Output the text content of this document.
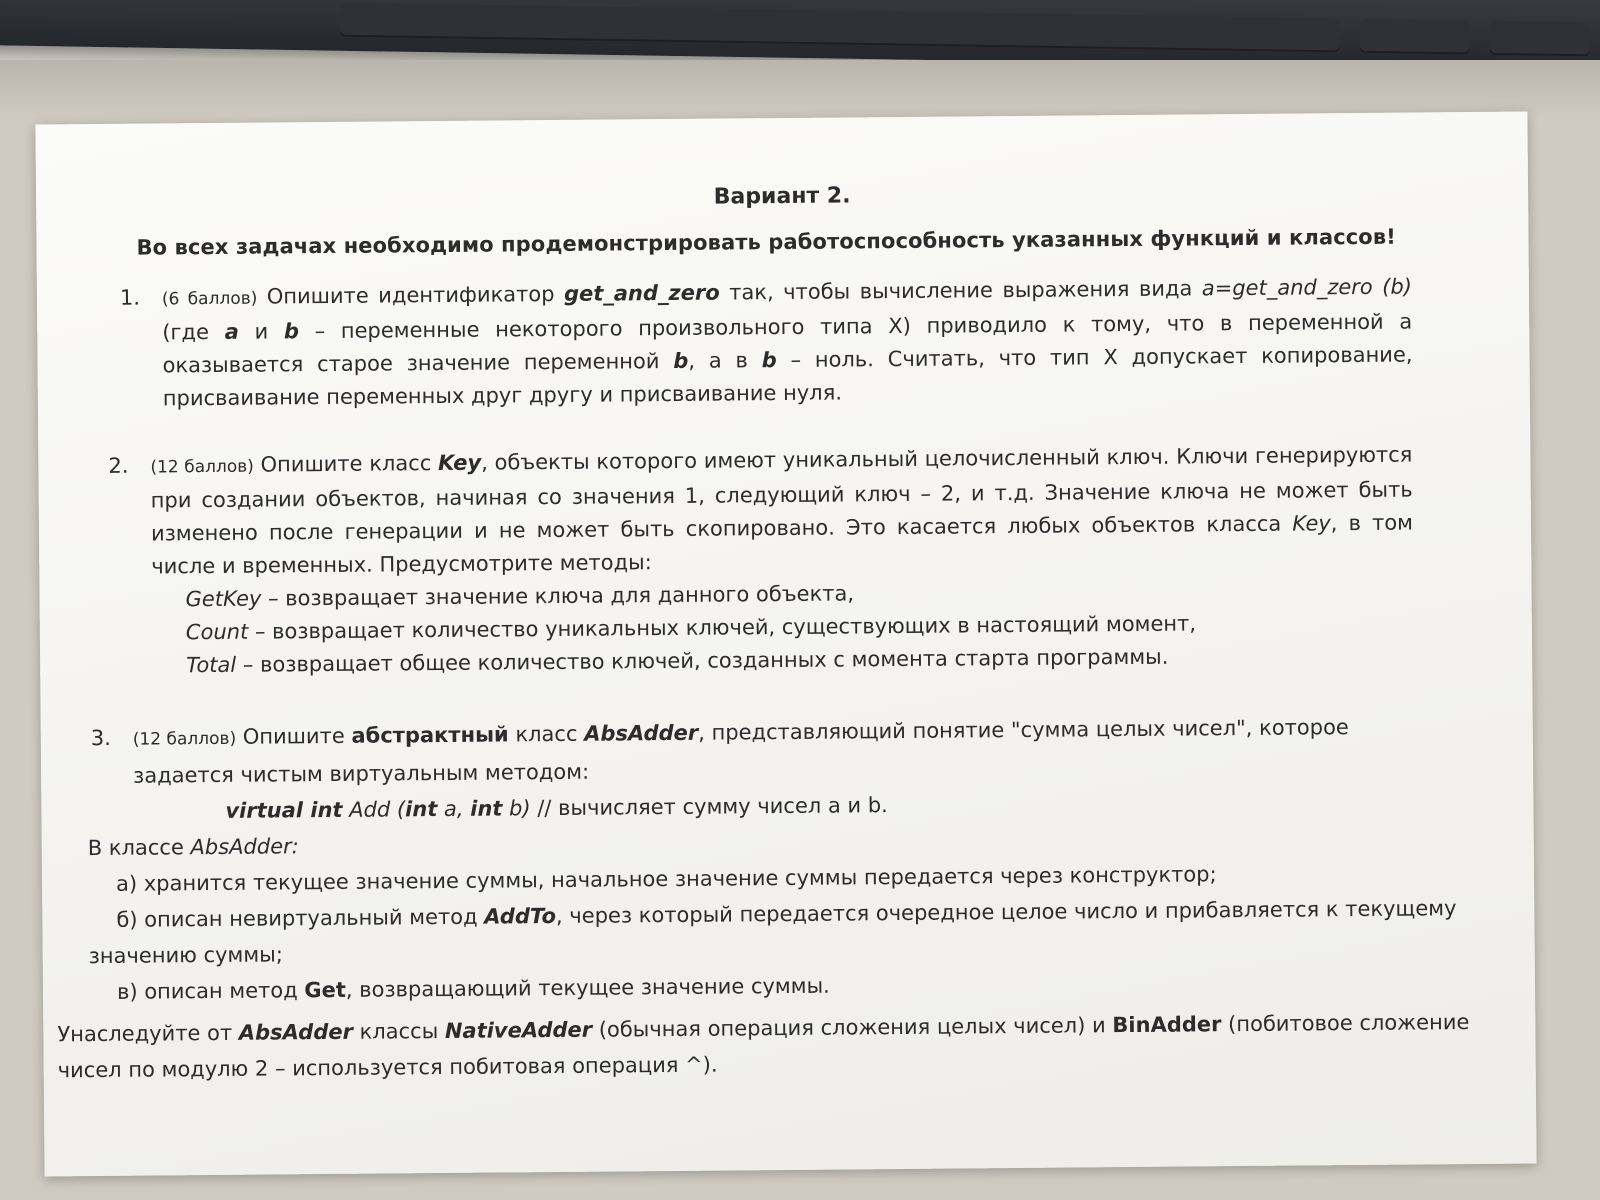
Вариант 2.
Во всех задачах необходимо продемонстрировать работоспособность указанных функций и классов!
1. (6 баллов) Опишите идентификатор get_and_zero так, чтобы вычисление выражения вида a=get_and_zero (b) (где a и b – переменные некоторого произвольного типа X) приводило к тому, что в переменной a оказывается старое значение переменной b, а в b – ноль. Считать, что тип X допускает копирование, присваивание переменных друг другу и присваивание нуля.
2. (12 баллов) Опишите класс Key, объекты которого имеют уникальный целочисленный ключ. Ключи генерируются при создании объектов, начиная со значения 1, следующий ключ – 2, и т.д. Значение ключа не может быть изменено после генерации и не может быть скопировано. Это касается любых объектов класса Key, в том числе и временных. Предусмотрите методы:
GetKey – возвращает значение ключа для данного объекта,
Count – возвращает количество уникальных ключей, существующих в настоящий момент,
Total – возвращает общее количество ключей, созданных с момента старта программы.
3. (12 баллов) Опишите абстрактный класс AbsAdder, представляющий понятие "сумма целых чисел", которое задается чистым виртуальным методом:
virtual int Add (int a, int b) // вычисляет сумму чисел a и b.
В классе AbsAdder:
а) хранится текущее значение суммы, начальное значение суммы передается через конструктор;
б) описан невиртуальный метод AddTo, через который передается очередное целое число и прибавляется к текущему значению суммы;
в) описан метод Get, возвращающий текущее значение суммы.
Унаследуйте от AbsAdder классы NativeAdder (обычная операция сложения целых чисел) и BinAdder (побитовое сложение чисел по модулю 2 – используется побитовая операция ^).
